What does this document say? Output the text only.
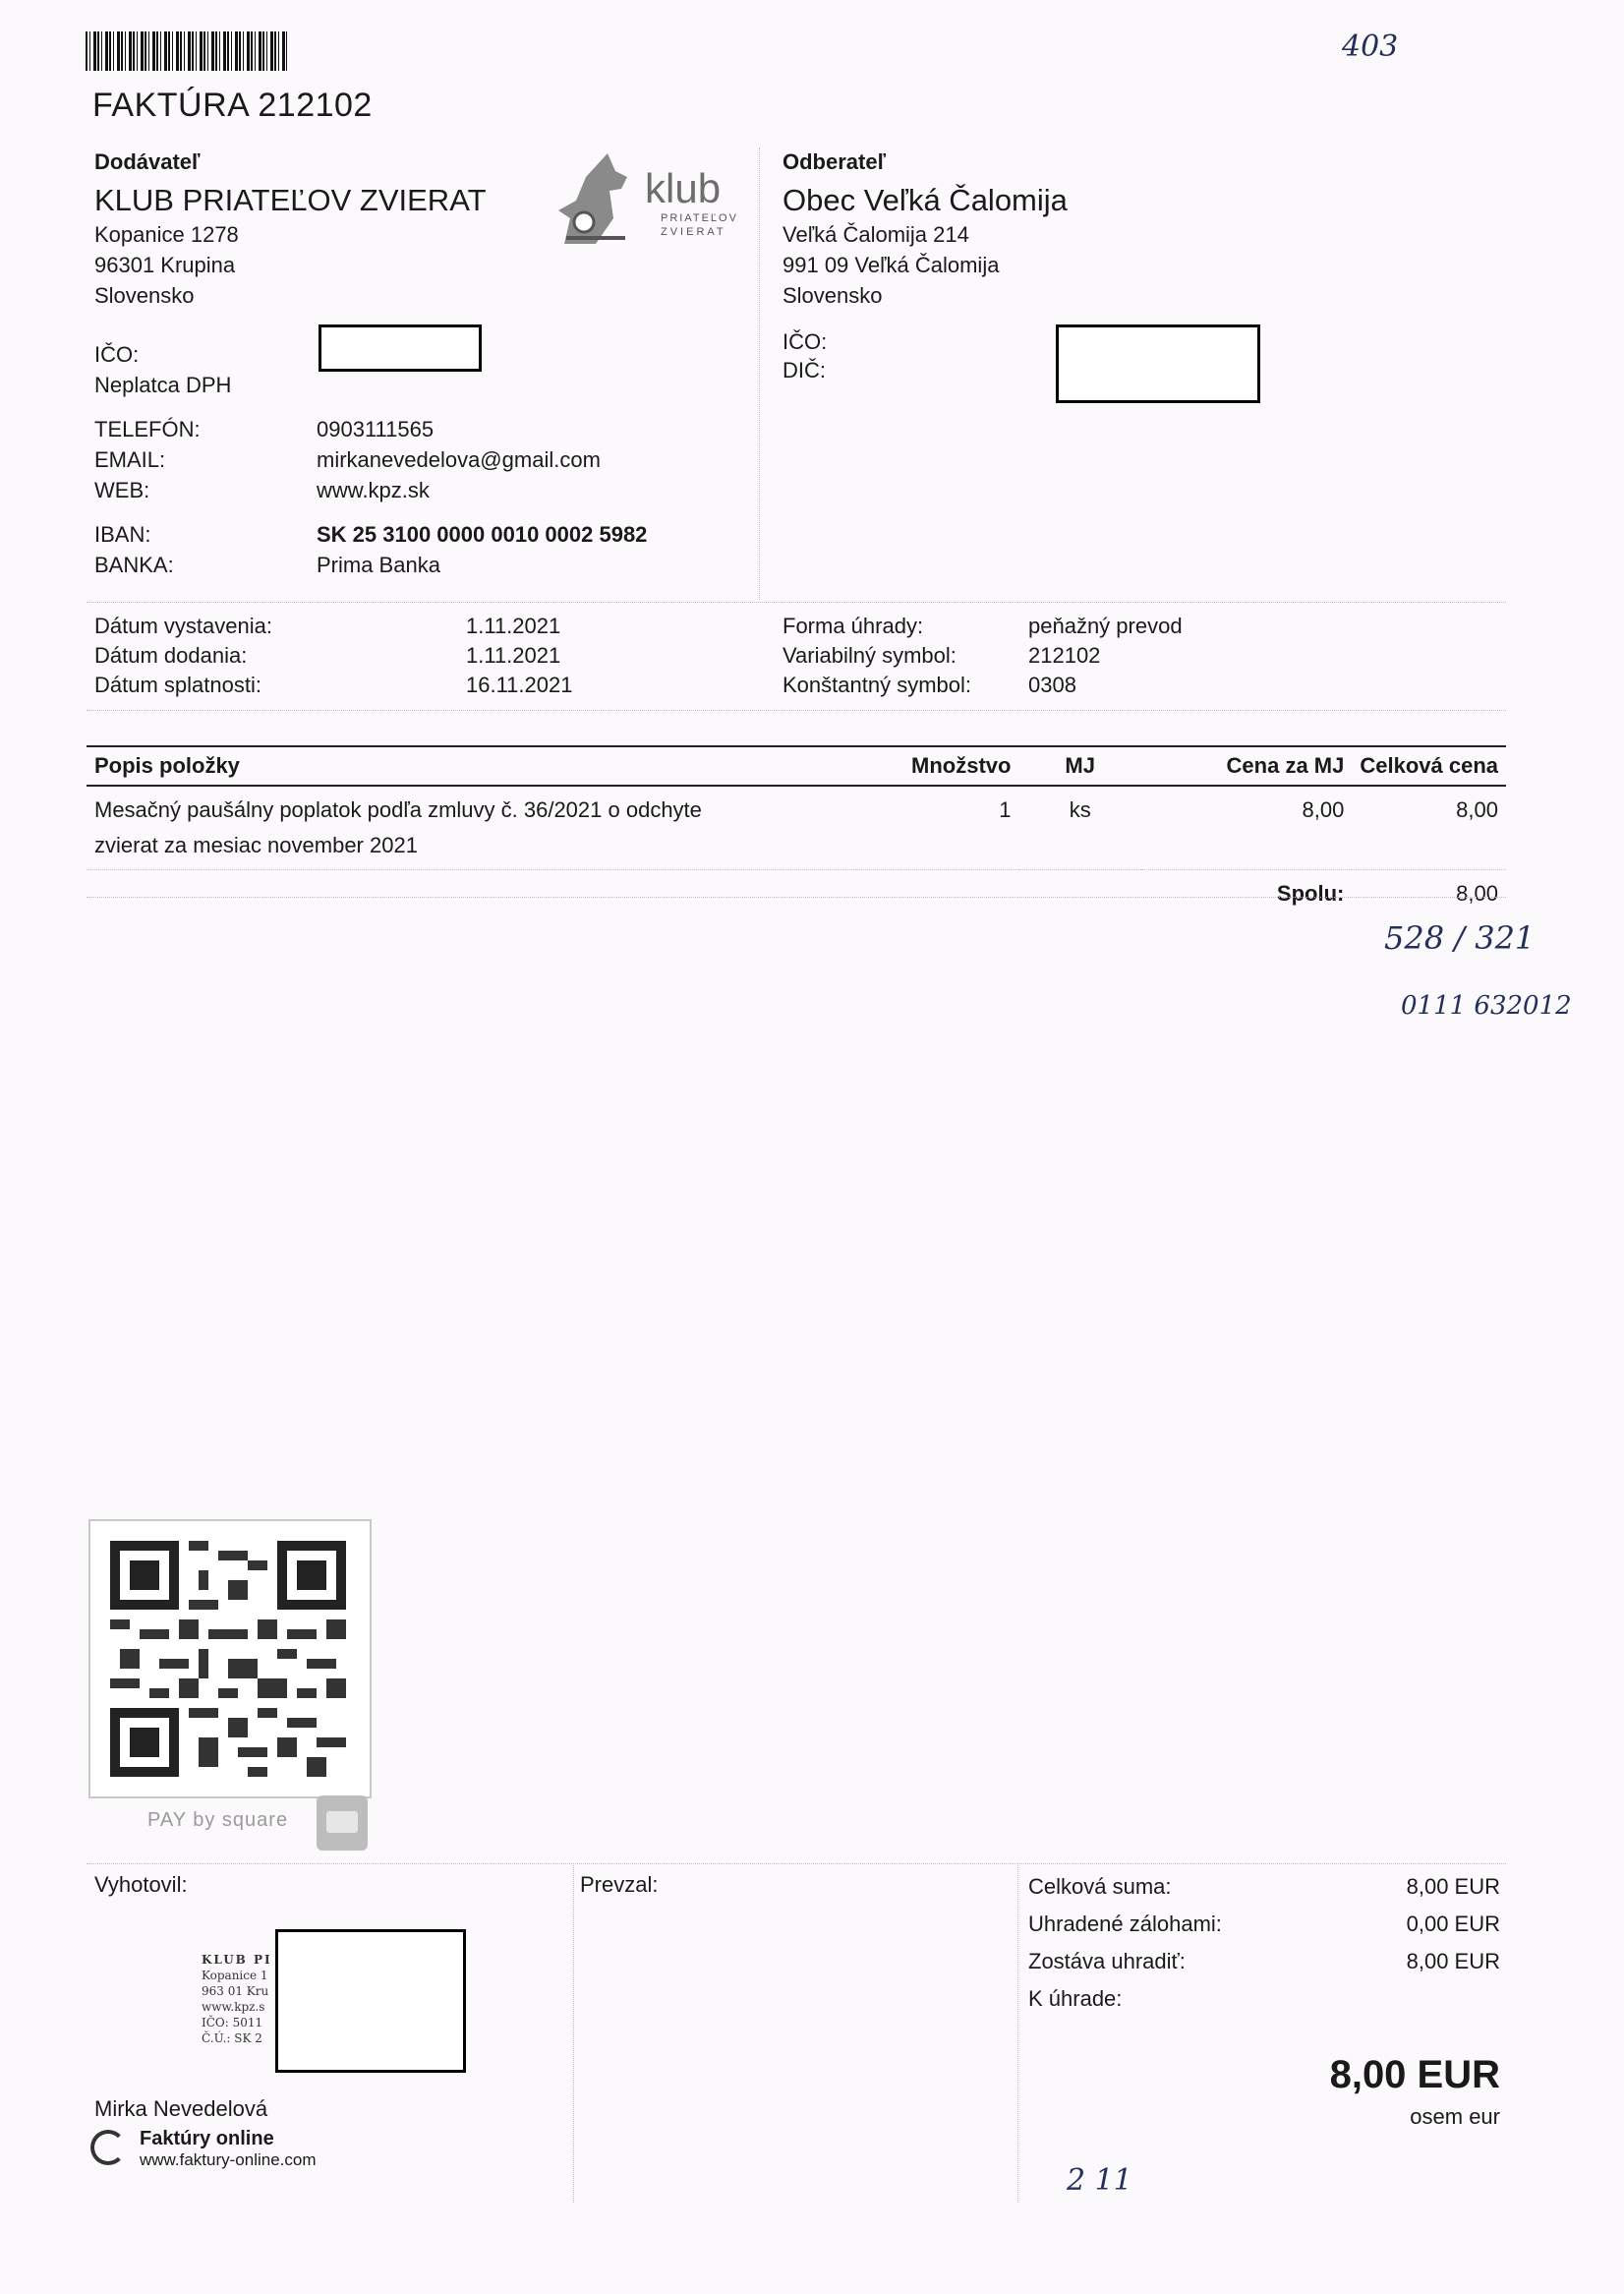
FAKTÚRA 212102
403
Dodávateľ
KLUB PRIATEĽOV ZVIERAT
Kopanice 1278
96301 Krupina
Slovensko
IČO:
Neplatca DPH
TELEFÓN:	0903111565
EMAIL:	mirkanevedelova@gmail.com
WEB:	www.kpz.sk
IBAN:	SK 25 3100 0000 0010 0002 5982
BANKA:	Prima Banka
klub
PRIATEĽOV
ZVIERAT
Odberateľ
Obec Veľká Čalomija
Veľká Čalomija 214
991 09 Veľká Čalomija
Slovensko
IČO:
DIČ:
Dátum vystavenia:	1.11.2021
Dátum dodania:	1.11.2021
Dátum splatnosti:	16.11.2021
Forma úhrady:	peňažný prevod
Variabilný symbol:	212102
Konštantný symbol:	0308
Popis položky	Množstvo	MJ	Cena za MJ	Celková cena

Mesačný paušálny poplatok podľa zmluvy č. 36/2021 o odchyte
zvierat za mesiac november 2021	1	ks	8,00	8,00
			Spolu:	8,00
528 / 321
0111 632012
PAY by square
Vyhotovil:
KLUB PI
Kopanice 1
963 01 Kru
www.kpz.s
IČO: 5011
Č.Ú.: SK 2
Mirka Nevedelová
Faktúry online
www.faktury-online.com
Prevzal:
2 11
Celková suma:	8,00 EUR
Uhradené zálohami:	0,00 EUR
Zostáva uhradiť:	8,00 EUR
K úhrade:
8,00 EUR
osem eur
